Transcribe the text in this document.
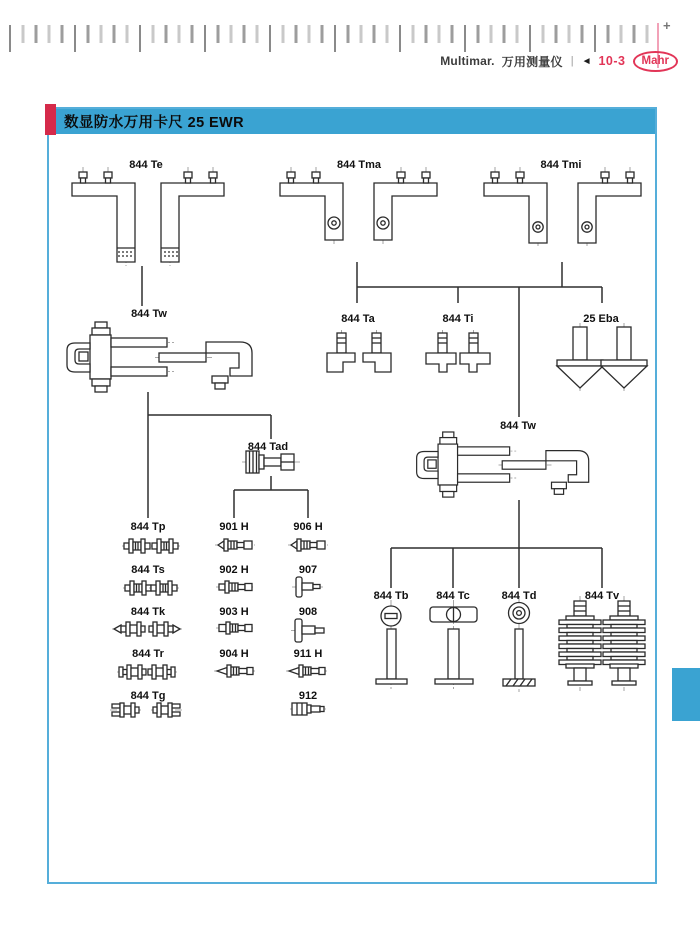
+
Multimar. 万用测量仪 | ◄ 10-3	Mahr
数显防水万用卡尺 25 EWR
844 Te	844 Tma	844 Tmi
844 Tw	844 Ta	844 Ti	25 Eba
844 Tad
844 Tw
844 Tp
844 Ts
844 Tk
844 Tr
844 Tg
901 H
902 H
903 H
904 H
906 H
907
908
911 H
912
844 Tb	844 Tc	844 Td	844 Tv
